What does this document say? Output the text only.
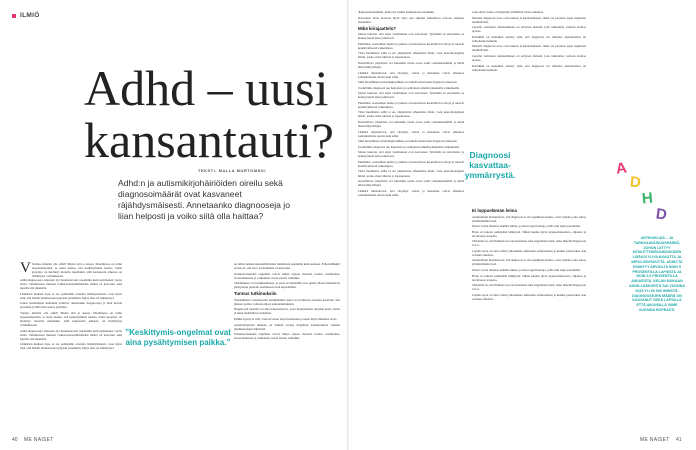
ILMIÖ
Adhd – uusi
kansantauti?
TEKSTI: MALLA MURTOMÄKI
Adhd:n ja autismikirjohäiriöiden oireilu sekä diagnosoimäärät ovat kasvaneet räjähdysmäisesti. Annetaanko diagnooseja jo liian helposti ja voiko siitä olla haittaa?
V Voisiko minulla olla adhd? Mietin sitä jo kauan. Maailmasta on tullut nopeatempoinen, ja usein tuntuu, että keskittyminen karkaa. Sama kysymys on herännyt monella muullakin, sillä keskustelu aiheesta on lisääntynyt voimakkaasti.

Adhd-diagnooseja annetaan nyt huomattavasti useammin kuin kymmenen vuotta sitten. Tutkimusten mukaan tarkkaavaisuushäiriöiden määrä on kasvanut sekä lapsilla että aikuisilla.

Lääkärien mukaan kyse ei ole pelkästään oireiden lisääntymisestä, vaan myös siitä, että häiriöt tunnistetaan nykyisin paremmin. Myös tieto on lisääntynyt.

Jotkut asiantuntijat kuitenkin pohtivat, annetaanko diagnooseja jo liian kevein perustein ja mitä siitä seuraa yksilölle.

Voisiko minulla olla adhd? Mietin sitä jo kauan. Maailmasta on tullut nopeatempoinen, ja usein tuntuu, että keskittyminen karkaa. Sama kysymys on herännyt monella muullakin, sillä keskustelu aiheesta on lisääntynyt voimakkaasti.

Adhd-diagnooseja annetaan nyt huomattavasti useammin kuin kymmenen vuotta sitten. Tutkimusten mukaan tarkkaavaisuushäiriöiden määrä on kasvanut sekä lapsilla että aikuisilla.

Lääkärien mukaan kyse ei ole pelkästään oireiden lisääntymisestä, vaan myös siitä, että häiriöt tunnistetaan nykyisin paremmin. Myös tieto on lisääntynyt.

”Keskittymis-ongelmat ovat aina pysähtymisen paikka.”

on tullut tarkkaavaisuushäiriöiden tutkimusta enemmän kuin koskaan. Erikoislääkärit arvioivat, että tarve arvioinneille on kasvanut.

Tarkkaavaisuuden ongelmat voivat näkyä arjessa monella tavalla: unohteluna, levottomuutena ja vaikeutena saada asioita valmiiksi.

Tutkimukset ovat ruuhkautuneet, ja jonot arviointeihin ovat pitkiä. Monet hakeutuvat yksityiselle puolelle saadakseen avun nopeammin.

Tunnus tutkimuksiin

Yleislääkärin vastaanotolla ensimmäinen askel on tavallisesti oireiden kartoitus. Sen jälkeen potilas voidaan ohjata jatkotutkimuksiin.

Diagnoosin taustalla on aina kokonaisarvio, jossa huomioidaan oireiden kesto, haitta ja muut mahdolliset selitykset.

Pelkkä kysely ei riitä, vaan tarvitaan laaja haastattelu ja usein myös läheisten arvio.

Asiantuntijoiden mukaan on tärkeää erottaa tilapäinen keskittymisen vaikeus pitkäkestoisesta häiriöstä.

Tarkkaavaisuuden ongelmat voivat näkyä arjessa monella tavalla: unohteluna, levottomuutena ja vaikeutena saada asioita valmiiksi.

40 ME NAISET

diagnosoikaisimmin, mutta nyt kaikki tunnistetaan paremmin.

Kasvaneet luvut kertovat myös siitä, että aikuiset hakeutuvat arvioon aiempaa useammin.

Mikä kiirajaattelu?

Monet kokevat, että arjen vaatimukset ovat kasvaneet. Työelämä on pirstaleista ja keskeytyksiä tulee jatkuvasti.

Puhelimet, sosiaalinen media ja jatkuva tavoitettavuus kuormittavat aivoja ja tekevät keskittymisestä vaikeampaa.

Tästä huolimatta adhd ei ole ympäristön aiheuttama ilmiö, vaan neurobiologinen häiriö, jonka oireet alkavat jo lapsuudessa.

Kuormittava ympäristö voi kuitenkin tuoda oireet esiin voimakkaammin ja tehdä niistä näkyvämpiä.

Lääkärit muistuttavat, että väsymys, stressi ja masennus voivat aiheuttaa samankaltaisia oireita kuin adhd.

Siksi huolellinen erotusdiagnostiikka on tärkeää ennen kuin diagnoosi annetaan.

Useimmille diagnoosi tuo helpotusta ja selityksen pitkään jatkuneille vaikeuksille.

Monet kokevat, että arjen vaatimukset ovat kasvaneet. Työelämä on pirstaleista ja keskeytyksiä tulee jatkuvasti.

Puhelimet, sosiaalinen media ja jatkuva tavoitettavuus kuormittavat aivoja ja tekevät keskittymisestä vaikeampaa.

Tästä huolimatta adhd ei ole ympäristön aiheuttama ilmiö, vaan neurobiologinen häiriö, jonka oireet alkavat jo lapsuudessa.

Kuormittava ympäristö voi kuitenkin tuoda oireet esiin voimakkaammin ja tehdä niistä näkyvämpiä.

Lääkärit muistuttavat, että väsymys, stressi ja masennus voivat aiheuttaa samankaltaisia oireita kuin adhd.

Siksi huolellinen erotusdiagnostiikka on tärkeää ennen kuin diagnoosi annetaan.

Useimmille diagnoosi tuo helpotusta ja selityksen pitkään jatkuneille vaikeuksille.

Monet kokevat, että arjen vaatimukset ovat kasvaneet. Työelämä on pirstaleista ja keskeytyksiä tulee jatkuvasti.

Puhelimet, sosiaalinen media ja jatkuva tavoitettavuus kuormittavat aivoja ja tekevät keskittymisestä vaikeampaa.

Tästä huolimatta adhd ei ole ympäristön aiheuttama ilmiö, vaan neurobiologinen häiriö, jonka oireet alkavat jo lapsuudessa.

Kuormittava ympäristö voi kuitenkin tuoda oireet esiin voimakkaammin ja tehdä niistä näkyvämpiä.

Lääkärit muistuttavat, että väsymys, stressi ja masennus voivat aiheuttaa samankaltaisia oireita kuin adhd.

vaan sitten avulla on helpompi ymmärtää omaa toimintaa.

Monelle diagnoosi avaa oven tukeen ja kuntoutukseen, mikä voi parantaa arjen sujumista merkittävästi.

Lapsilla varhainen tunnistaminen on erityisen tärkeää, jotta tukitoimet voidaan aloittaa ajoissa.

Kritiikkiä on kuitenkin esitetty siitä, että diagnoosi voi muuttua identiteetiksi tai selitykseksi kaikelle.

Monelle diagnoosi avaa oven tukeen ja kuntoutukseen, mikä voi parantaa arjen sujumista merkittävästi.

Lapsilla varhainen tunnistaminen on erityisen tärkeää, jotta tukitoimet voidaan aloittaa ajoissa.

Kritiikkiä on kuitenkin esitetty siitä, että diagnoosi voi muuttua identiteetiksi tai selitykseksi kaikelle.

Diagnoosi kasvattaa-ymmärrystä.
Ei loppuelämän leima

Asiantuntijat muistuttavat, että diagnoosi ei ole lopullinen tuomio, vaan työkalu, joka auttaa ymmärtämään itseä.

Oireet voivat muuttua elämän aikana, ja moni oppii keinoja, joilla arki sujuu paremmin.

Hoito ei tarkoita pelkästään lääkitystä. Siihen kuuluu myös psykoedukaatiota, ohjausta ja tarvittaessa terapiaa.

Tärkeintä on, että ihminen saa tarvitsemansa tuen riippumatta siitä, onko hänellä diagnoosia vai ei.

Lopulta kyse on siitä, miten yhteiskunta suhtautuu erilaisuuteen ja kuinka joustavaksi arki voidaan rakentaa.

Asiantuntijat muistuttavat, että diagnoosi ei ole lopullinen tuomio, vaan työkalu, joka auttaa ymmärtämään itseä.

Oireet voivat muuttua elämän aikana, ja moni oppii keinoja, joilla arki sujuu paremmin.

Hoito ei tarkoita pelkästään lääkitystä. Siihen kuuluu myös psykoedukaatiota, ohjausta ja tarvittaessa terapiaa.

Tärkeintä on, että ihminen saa tarvitsemansa tuen riippumatta siitä, onko hänellä diagnoosia vai ei.

Lopulta kyse on siitä, miten yhteiskunta suhtautuu erilaisuuteen ja kuinka joustavaksi arki voidaan rakentaa.

A
D
H
D
ARTIKKELIUS – JA TARKKAAVAISUUSHÄIRIÖ, JOHON LIITTYY KESKITTYMISVAIKEUKSIEN LISÄKSI YLIVILKKAUTTA JA IMPULSIIVISUUTTA. ADHD:TA ESIINTYY ARVIOLTA NOIN 5 PROSENTILLA LAPSISTA JA NOIN 2,5 PROSENTILLA AIKUISISTA. KELAN MUKAAN ADHD-LÄÄKKEITÄ SAI VUONNA 2023 YLI 60 000 IHMISTÄ. DIAGNOOSEJEN MÄÄRÄ ON KASVANUT SEKÄ LAPSILLA ETTÄ AIKUISILLA VIIME VUOSINA NOPEASTI.
ME NAISET 41
